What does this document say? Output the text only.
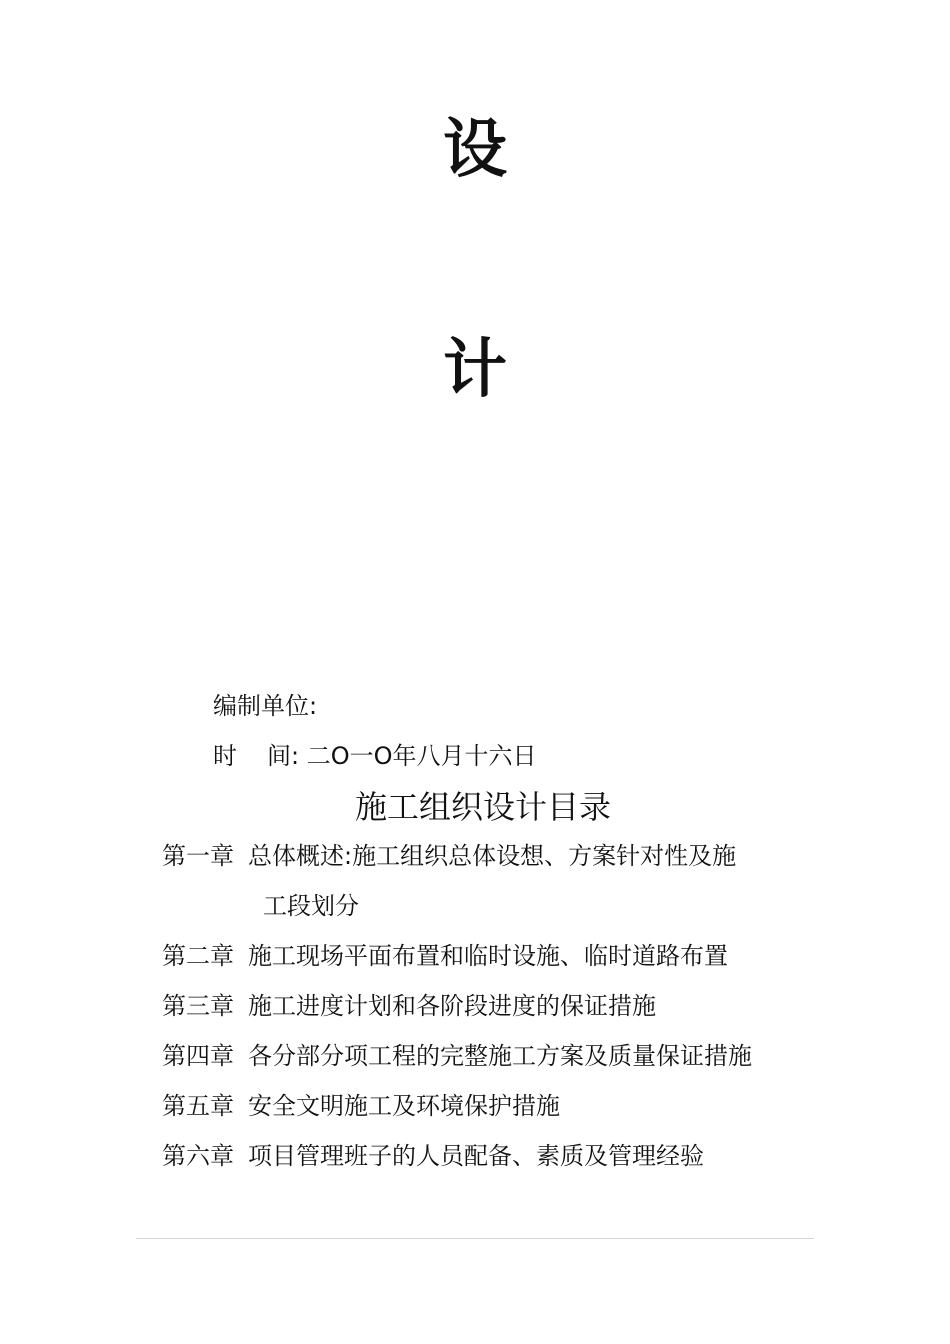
设
计
编制单位:
时 间: 二O一O年八月十六日
施工组织设计目录
第一章 总体概述:施工组织总体设想、方案针对性及施
工段划分
第二章 施工现场平面布置和临时设施、临时道路布置
第三章 施工进度计划和各阶段进度的保证措施
第四章 各分部分项工程的完整施工方案及质量保证措施
第五章 安全文明施工及环境保护措施
第六章 项目管理班子的人员配备、素质及管理经验
